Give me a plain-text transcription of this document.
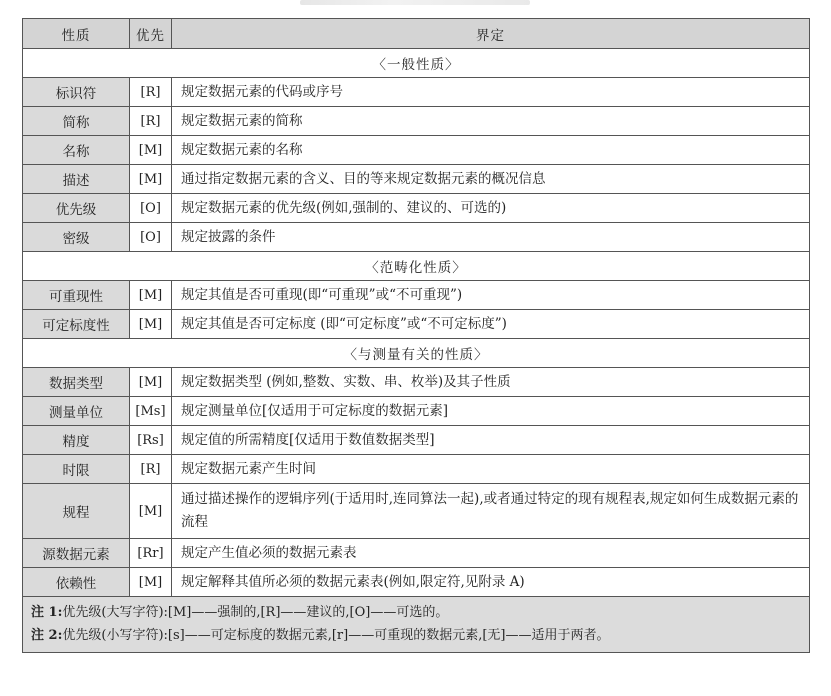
性质	优先	界定
〈一般性质〉		
标识符	[R]	规定数据元素的代码或序号
简称	[R]	规定数据元素的简称
名称	[M]	规定数据元素的名称
描述	[M]	通过指定数据元素的含义、目的等来规定数据元素的概况信息
优先级	[O]	规定数据元素的优先级(例如,强制的、建议的、可选的)
密级	[O]	规定披露的条件
〈范畴化性质〉		
可重现性	[M]	规定其值是否可重现(即“可重现”或“不可重现”)
可定标度性	[M]	规定其值是否可定标度 (即“可定标度”或“不可定标度”)
〈与测量有关的性质〉		
数据类型	[M]	规定数据类型 (例如,整数、实数、串、枚举)及其子性质
测量单位	[Ms]	规定测量单位[仅适用于可定标度的数据元素]
精度	[Rs]	规定值的所需精度[仅适用于数值数据类型]
时限	[R]	规定数据元素产生时间
规程	[M]	通过描述操作的逻辑序列(于适用时,连同算法一起),或者通过特定的现有规程表,规定如何生成数据元素的流程
源数据元素	[Rr]	规定产生值必须的数据元素表
依赖性	[M]	规定解释其值所必须的数据元素表(例如,限定符,见附录 A)

注 1:优先级(大写字符):[M]——强制的,[R]——建议的,[O]——可选的。
注 2:优先级(小写字符):[s]——可定标度的数据元素,[r]——可重现的数据元素,[无]——适用于两者。		
